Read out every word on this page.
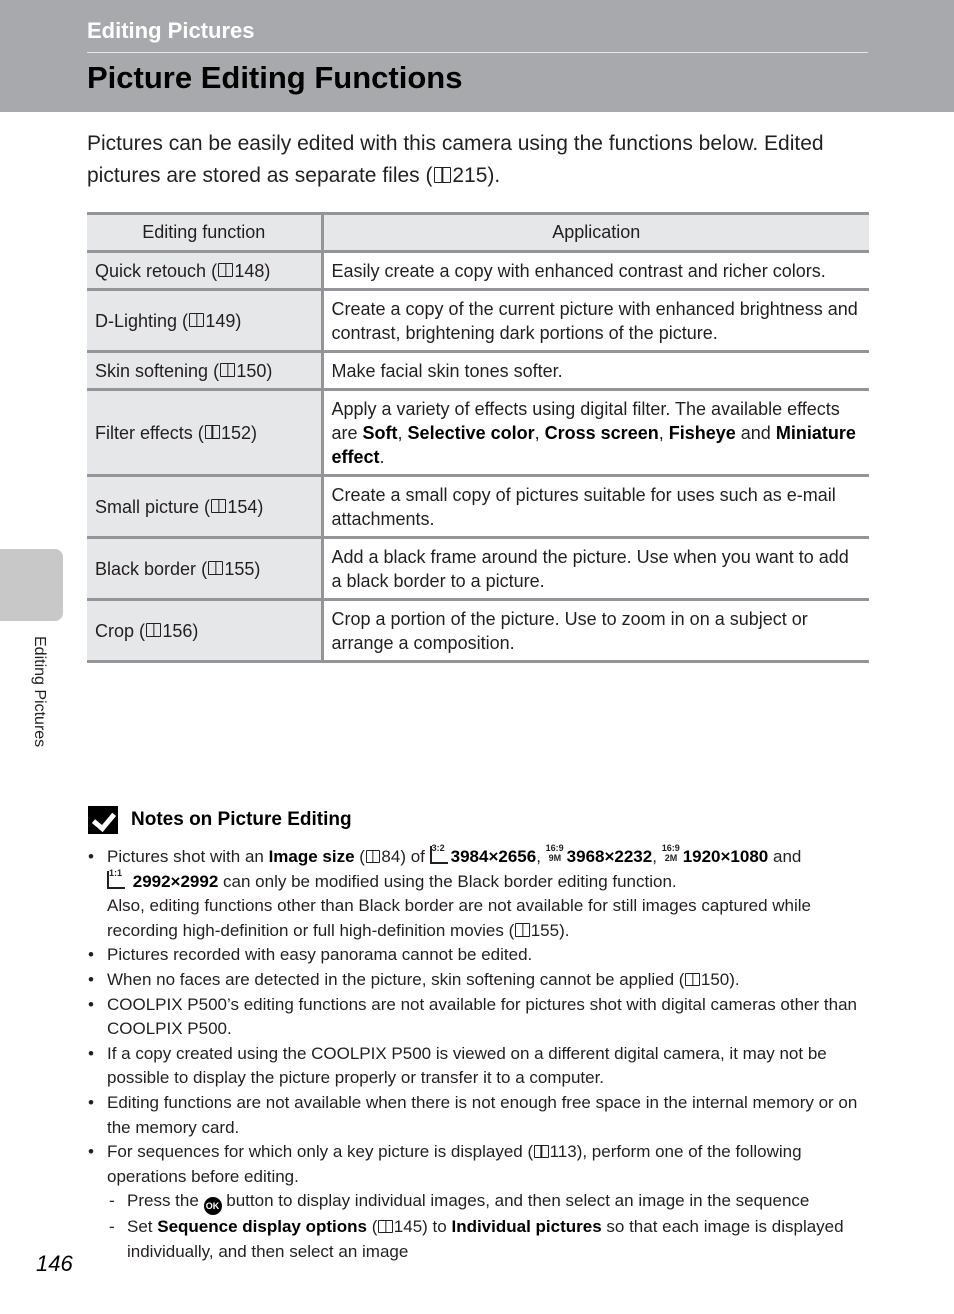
Editing Pictures
Picture Editing Functions

Pictures can be easily edited with this camera using the functions below. Edited pictures are stored as separate files ( 215).

Editing function	Application
Quick retouch ( 148)	Easily create a copy with enhanced contrast and richer colors.
D-Lighting ( 149)	Create a copy of the current picture with enhanced brightness and contrast, brightening dark portions of the picture.
Skin softening ( 150)	Make facial skin tones softer.
Filter effects ( 152)	Apply a variety of effects using digital filter. The available effects are Soft, Selective color, Cross screen, Fisheye and Miniature effect.
Small picture ( 154)	Create a small copy of pictures suitable for uses such as e-mail attachments.
Black border ( 155)	Add a black frame around the picture. Use when you want to add a black border to a picture.
Crop ( 156)	Crop a portion of the picture. Use to zoom in on a subject or arrange a composition.
Editing Pictures
Notes on Picture Editing
• Pictures shot with an Image size ( 84) of 3:2 3984×2656, 16:9
9M 3968×2232, 16:9
2M 1920×1080 and

1:1 2992×2992 can only be modified using the Black border editing function.
Also, editing functions other than Black border are not available for still images captured while recording high-definition or full high-definition movies ( 155).
• Pictures recorded with easy panorama cannot be edited.
• When no faces are detected in the picture, skin softening cannot be applied ( 150).
• COOLPIX P500’s editing functions are not available for pictures shot with digital cameras other than COOLPIX P500.
• If a copy created using the COOLPIX P500 is viewed on a different digital camera, it may not be possible to display the picture properly or transfer it to a computer.
• Editing functions are not available when there is not enough free space in the internal memory or on the memory card.
• For sequences for which only a key picture is displayed ( 113), perform one of the following operations before editing.
- Press the OK button to display individual images, and then select an image in the sequence
- Set Sequence display options ( 145) to Individual pictures so that each image is displayed individually, and then select an image
146
